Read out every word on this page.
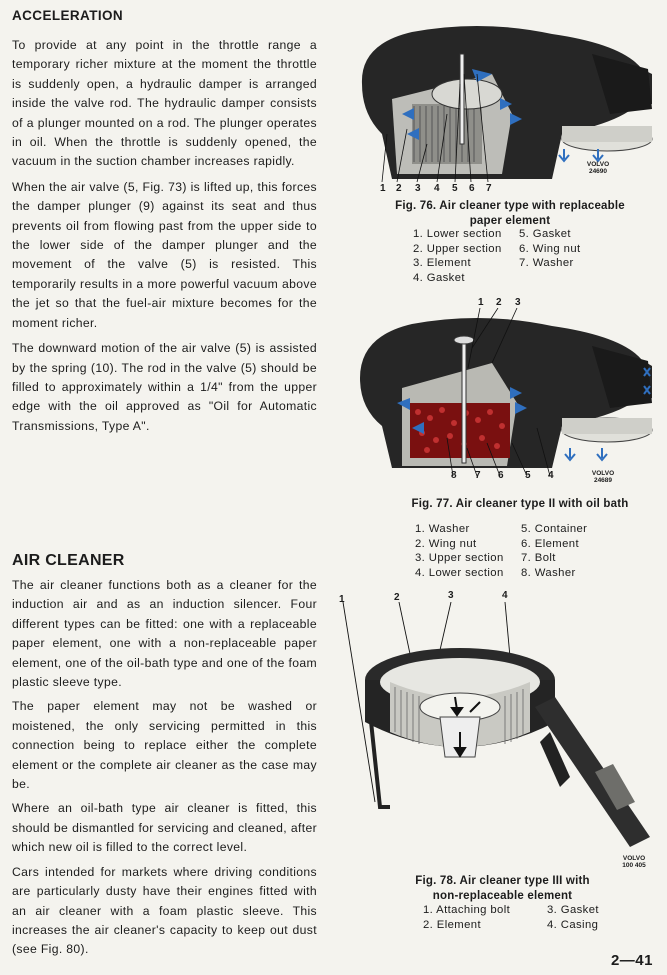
ACCELERATION

To provide at any point in the throttle range a temporary richer mixture at the moment the throttle is suddenly open, a hydraulic damper is arranged inside the valve rod. The hydraulic damper consists of a plunger mounted on a rod. The plunger operates in oil. When the throttle is suddenly opened, the vacuum in the suction chamber increases rapidly.

When the air valve (5, Fig. 73) is lifted up, this forces the damper plunger (9) against its seat and thus prevents oil from flowing past from the upper side to the lower side of the damper plunger and the movement of the valve (5) is resisted. This temporarily results in a more powerful vacuum above the jet so that the fuel-air mixture becomes for the moment richer.

The downward motion of the air valve (5) is assisted by the spring (10). The rod in the valve (5) should be filled to approximately within a 1/4" from the upper edge with the oil approved as "Oil for Automatic Transmissions, Type A".

AIR CLEANER

The air cleaner functions both as a cleaner for the induction air and as an induction silencer. Four different types can be fitted: one with a replaceable paper element, one with a non-replaceable paper element, one of the oil-bath type and one of the foam plastic sleeve type.

The paper element may not be washed or moistened, the only servicing permitted in this connection being to replace either the complete element or the complete air cleaner as the case may be.

Where an oil-bath type air cleaner is fitted, this should be dismantled for servicing and cleaned, after which new oil is filled to the correct level.

Cars intended for markets where driving conditions are particularly dusty have their engines fitted with an air cleaner with a foam plastic sleeve. This increases the air cleaner's capacity to keep out dust (see Fig. 80).

1 2 3 4 5 6 7
VOLVO
24690
Fig. 76. Air cleaner type with replaceable
paper element
1. Lower section	5. Gasket
2. Upper section	6. Wing nut
3. Element	7. Washer
4. Gasket
1 2 3
8 7 6 5 4	VOLVO
24689
Fig. 77. Air cleaner type II with oil bath
1. Washer	5. Container
2. Wing nut	6. Element
3. Upper section	7. Bolt
4. Lower section	8. Washer
1	2	3	4
VOLVO
100 405
Fig. 78. Air cleaner type III with
non-replaceable element
1. Attaching bolt	3. Gasket
2. Element	4. Casing
2—41
